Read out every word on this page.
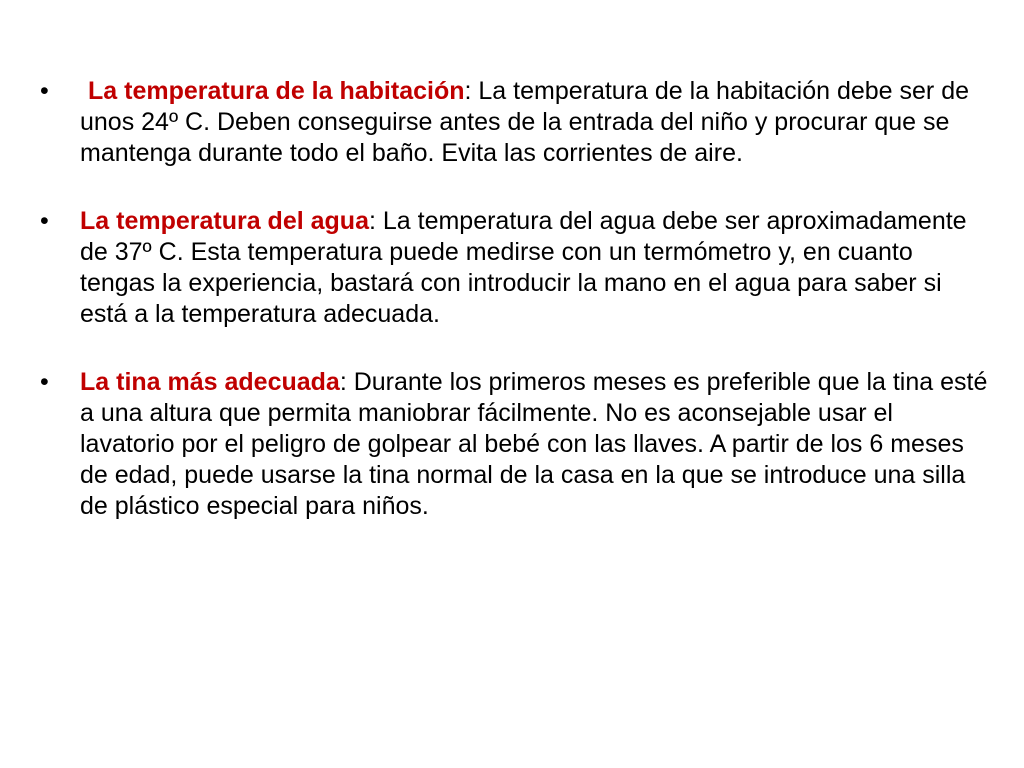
• La temperatura de la habitación: La temperatura de la habitación debe ser de unos 24º C. Deben conseguirse antes de la entrada del niño y procurar que se mantenga durante todo el baño. Evita las corrientes de aire.
• La temperatura del agua: La temperatura del agua debe ser aproximadamente de 37º C. Esta temperatura puede medirse con un termómetro y, en cuanto tengas la experiencia, bastará con introducir la mano en el agua para saber si está a la temperatura adecuada.
• La tina más adecuada: Durante los primeros meses es preferible que la tina esté a una altura que permita maniobrar fácilmente. No es aconsejable usar el lavatorio por el peligro de golpear al bebé con las llaves. A partir de los 6 meses de edad, puede usarse la tina normal de la casa en la que se introduce una silla de plástico especial para niños.
